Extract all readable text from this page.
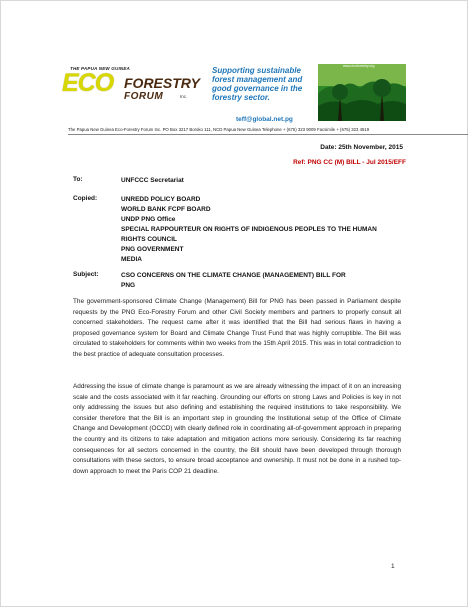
THE PAPUA NEW GUINEA
ECO FORESTRY
FORUM	Inc.
Supporting sustainable forest management and good governance in the forestry sector.
teff@global.net.pg
www.ecoforestry.org
The Papua New Guinea Eco-Forestry Forum Inc. PO Box 3217 Boroko 111, NCD Papua New Guinea Telephone + (675) 323 9009 Facsimile + (675) 323 4519
Date: 25th November, 2015
Ref: PNG CC (M) BILL - Jul 2015/EFF
To:	UNFCCC Secretariat
Copied:	UNREDD POLICY BOARD
WORLD BANK FCPF BOARD
UNDP PNG Office
SPECIAL RAPPOURTEUR ON RIGHTS OF INDIGENOUS PEOPLES TO THE HUMAN
RIGHTS COUNCIL
PNG GOVERNMENT
MEDIA
Subject:	CSO CONCERNS ON THE CLIMATE CHANGE (MANAGEMENT) BILL FOR
PNG

The government-sponsored Climate Change (Management) Bill for PNG has been passed in Parliament despite requests by the PNG Eco-Forestry Forum and other Civil Society members and partners to properly consult all concerned stakeholders. The request came after it was identified that the Bill had serious flaws in having a proposed governance system for Board and Climate Change Trust Fund that was highly corruptible. The Bill was circulated to stakeholders for comments within two weeks from the 15th April 2015. This was in total contradiction to the best practice of adequate consultation processes.

Addressing the issue of climate change is paramount as we are already witnessing the impact of it on an increasing scale and the costs associated with it far reaching. Grounding our efforts on strong Laws and Policies is key in not only addressing the issues but also defining and establishing the required institutions to take responsibility. We consider therefore that the Bill is an important step in grounding the Institutional setup of the Office of Climate Change and Development (OCCD) with clearly defined role in coordinating all-of-government approach in preparing the country and its citizens to take adaptation and mitigation actions more seriously. Considering its far reaching consequences for all sectors concerned in the country, the Bill should have been developed through thorough consultations with these sectors, to ensure broad acceptance and ownership. It must not be done in a rushed top-down approach to meet the Paris COP 21 deadline.

1
